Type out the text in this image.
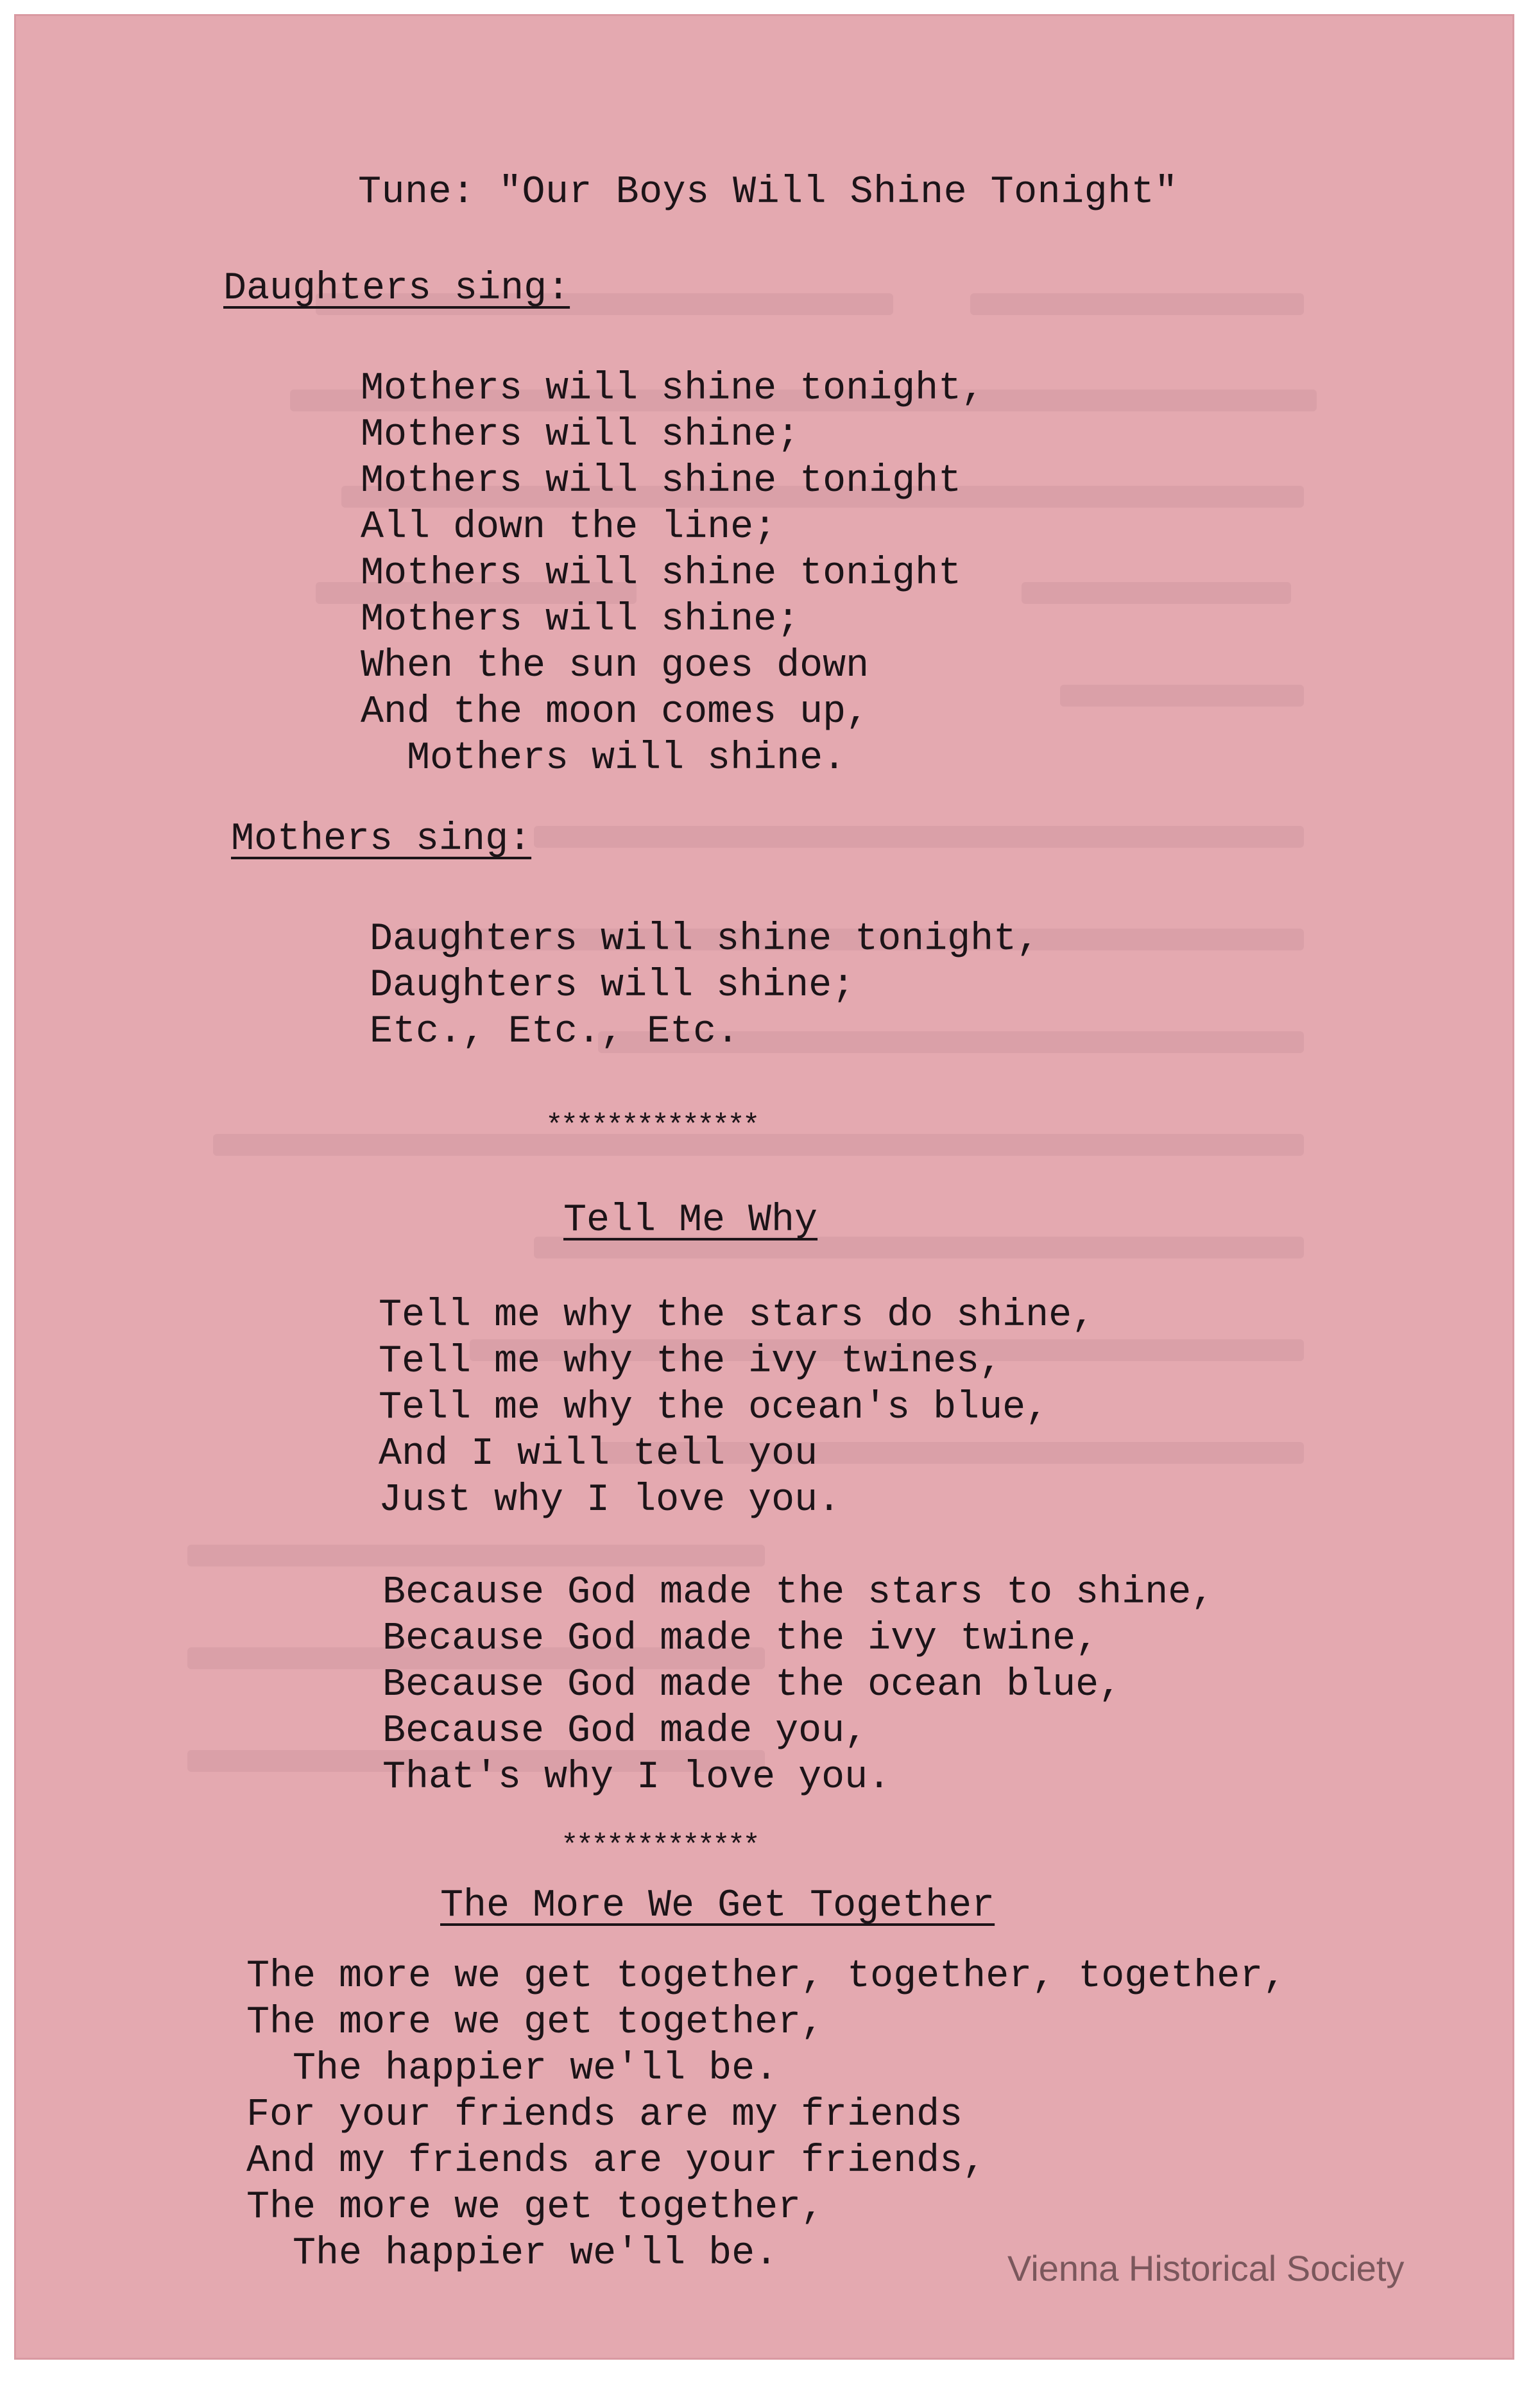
Tune: "Our Boys Will Shine Tonight"
Daughters sing:
Mothers will shine tonight,
Mothers will shine;
Mothers will shine tonight
All down the line;
Mothers will shine tonight
Mothers will shine;
When the sun goes down
And the moon comes up,
Mothers will shine.
Mothers sing:
Daughters will shine tonight,
Daughters will shine;
Etc., Etc., Etc.
**************
Tell Me Why
Tell me why the stars do shine,
Tell me why the ivy twines,
Tell me why the ocean's blue,
And I will tell you
Just why I love you.
Because God made the stars to shine,
Because God made the ivy twine,
Because God made the ocean blue,
Because God made you,
That's why I love you.
*************
The More We Get Together
The more we get together, together, together,
The more we get together,
The happier we'll be.
For your friends are my friends
And my friends are your friends,
The more we get together,
The happier we'll be.	Vienna Historical Society
